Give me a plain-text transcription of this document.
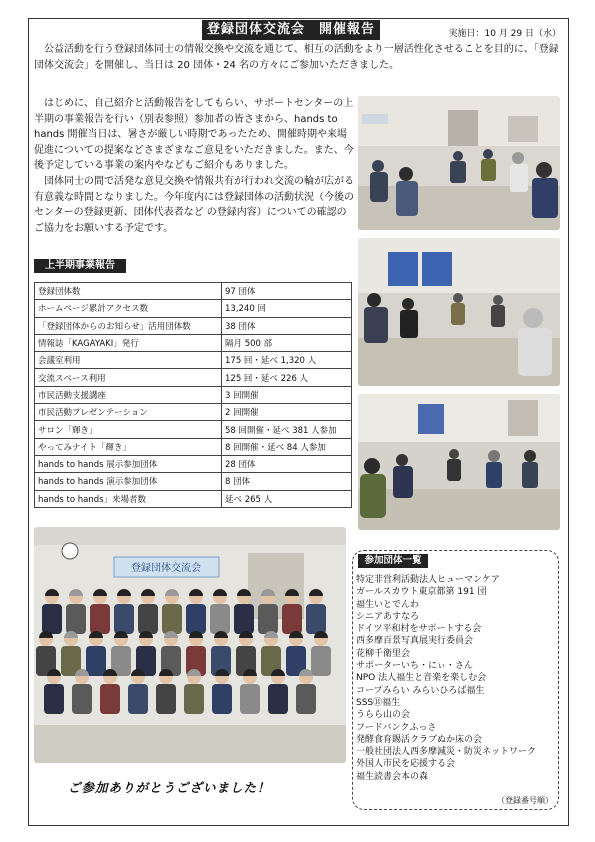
登録団体交流会　開催報告	実施日：10 月 29 日（水）

公益活動を行う登録団体同士の情報交換や交流を通じて、相互の活動をより一層活性化させることを目的に、「登録団体交流会」を開催し、当日は 20 団体・24 名の方々にご参加いただきました。

はじめに、自己紹介と活動報告をしてもらい、サポートセンターの上半期の事業報告を行い（別表参照）参加者の皆さまから、hands to hands 開催当日は、暑さが厳しい時期であったため、開催時期や来場促進についての提案などさまざまなご意見をいただきました。また、今後予定している事業の案内やなどもご紹介もありました。

団体同士の間で活発な意見交換や情報共有が行われ交流の輪が広がる有意義な時間となりました。今年度内には登録団体の活動状況（今後のセンターの登録更新、団体代表者など の登録内容）についての確認のご協力をお願いする予定です。

上半期事業報告
登録団体数	97 団体
ホームページ累計アクセス数	13,240 回
「登録団体からのお知らせ」活用団体数	38 団体
情報誌「KAGAYAKI」発行	隔月 500 部
会議室利用	175 回・延べ 1,320 人
交流スペース利用	125 回・延べ 226 人
市民活動支援講座	3 回開催
市民活動プレゼンテーション	2 回開催
サロン「輝き」	58 回開催・延べ 381 人参加
やってみナイト「輝き」	8 回開催・延べ 84 人参加
hands to hands 展示参加団体	28 団体
hands to hands 演示参加団体	8 団体
hands to hands」来場者数	延べ 265 人
登録団体交流会
ご参加ありがとうございました！
参加団体一覧
特定非営利活動法人ヒューマンケア
ガールスカウト東京都第 191 団
福生いとでんわ
シニアあすなろ
ドイツ平和村をサポートする会
西多摩百景写真展実行委員会
花柳千衛里会
サポーターいち・にぃ・さん
NPO 法人福生と音楽を楽しむ会
コープみらい みらいひろば福生
SSS⑪福生
うらら山の会
フードバンクふっさ
発酵食育賜活クラブぬか床の会
一般社団法人西多摩減災・防災ネットワーク
外国人市民を応援する会
福生読書会本の森
（登録番号順）
